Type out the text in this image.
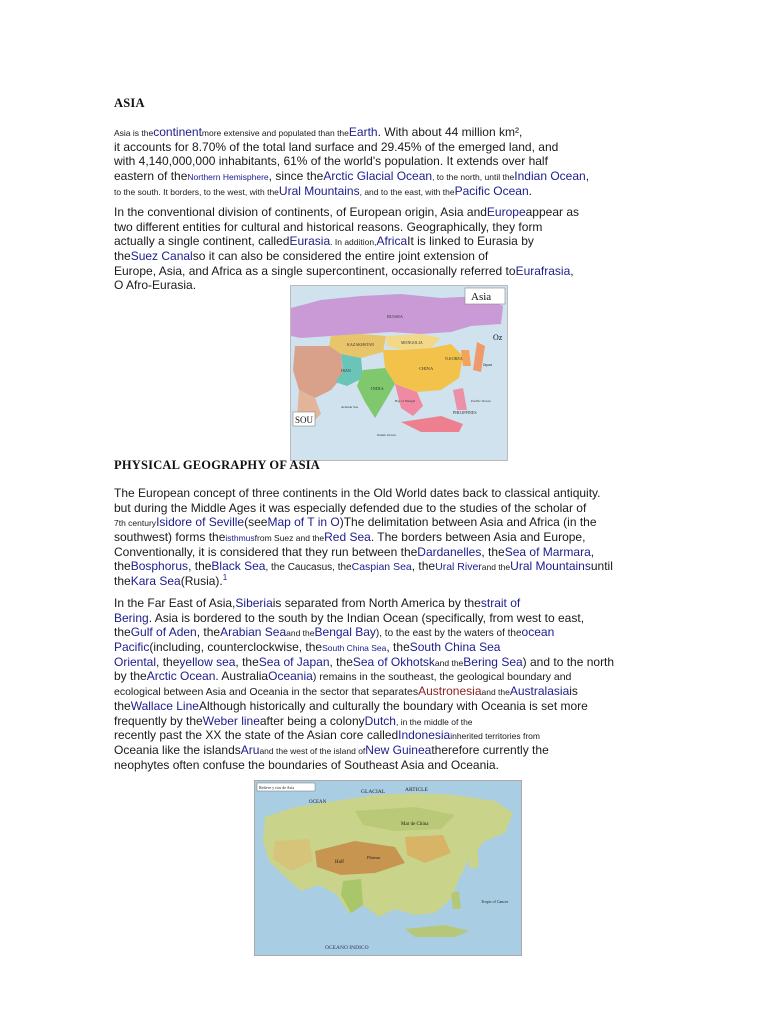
ASIA
Asia is thecontinentmore extensive and populated than theEarth. With about 44 million km²,
it accounts for 8.70% of the total land surface and 29.45% of the emerged land, and
with 4,140,000,000 inhabitants, 61% of the world's population. It extends over half
eastern of theNorthern Hemisphere, since theArctic Glacial Ocean, to the north, until theIndian Ocean,
to the south. It borders, to the west, with theUral Mountains, and to the east, with thePacific Ocean.
In the conventional division of continents, of European origin, Asia andEuropeappear as
two different entities for cultural and historical reasons. Geographically, they form
actually a single continent, calledEurasia. In addition,AfricaIt is linked to Eurasia by
theSuez Canalso it can also be considered the entire joint extension of
Europe, Asia, and Africa as a single supercontinent, occasionally referred toEurafrasia,
O Afro-Eurasia.
Asia
Oz
RUSSIA
KAZAKHSTAN	MONGOLIA
CHINA
N.KOREA
Japan
INDIA
PHILIPPINES
IRAN
Arabian Sea
Bay of Bengal	Pacific Ocean
Indian Ocean
SOU
PHYSICAL GEOGRAPHY OF ASIA
The European concept of three continents in the Old World dates back to classical antiquity.
but during the Middle Ages it was especially defended due to the studies of the scholar of
7th centuryIsidore of Seville(seeMap of T in O)The delimitation between Asia and Africa (in the
southwest) forms theisthmusfrom Suez and theRed Sea. The borders between Asia and Europe,
Conventionally, it is considered that they run between theDardanelles, theSea of Marmara,
theBosphorus, theBlack Sea, the Caucasus, theCaspian Sea, theUral Riverand theUral Mountainsuntil
theKara Sea(Rusia).$^1$
In the Far East of Asia,Siberiais separated from North America by thestrait of
Bering. Asia is bordered to the south by the Indian Ocean (specifically, from west to east,
theGulf of Aden, theArabian Seaand theBengal Bay), to the east by the waters of theocean
Pacific(including, counterclockwise, theSouth China Sea, theSouth China Sea
Oriental, theyellow sea, theSea of Japan, theSea of Okhotskand theBering Sea) and to the north
by theArctic Ocean. AustraliaOceania) remains in the southeast, the geological boundary and
ecological between Asia and Oceania in the sector that separatesAustronesiaand theAustralasiais
theWallace LineAlthough historically and culturally the boundary with Oceania is set more
frequently by theWeber lineafter being a colonyDutch, in the middle of the
recently past the XX the state of the Asian core calledIndonesiainherited territories from
Oceania like the islandsAruand the west of the island ofNew Guineatherefore currently the
neophytes often confuse the boundaries of Southeast Asia and Oceania.
Relieve y rios de Asia
GLACIAL	ARTICLE
OCEAN
Mar de China
Half
Plateau
OCEANO INDICO
Tropic of Cancer
